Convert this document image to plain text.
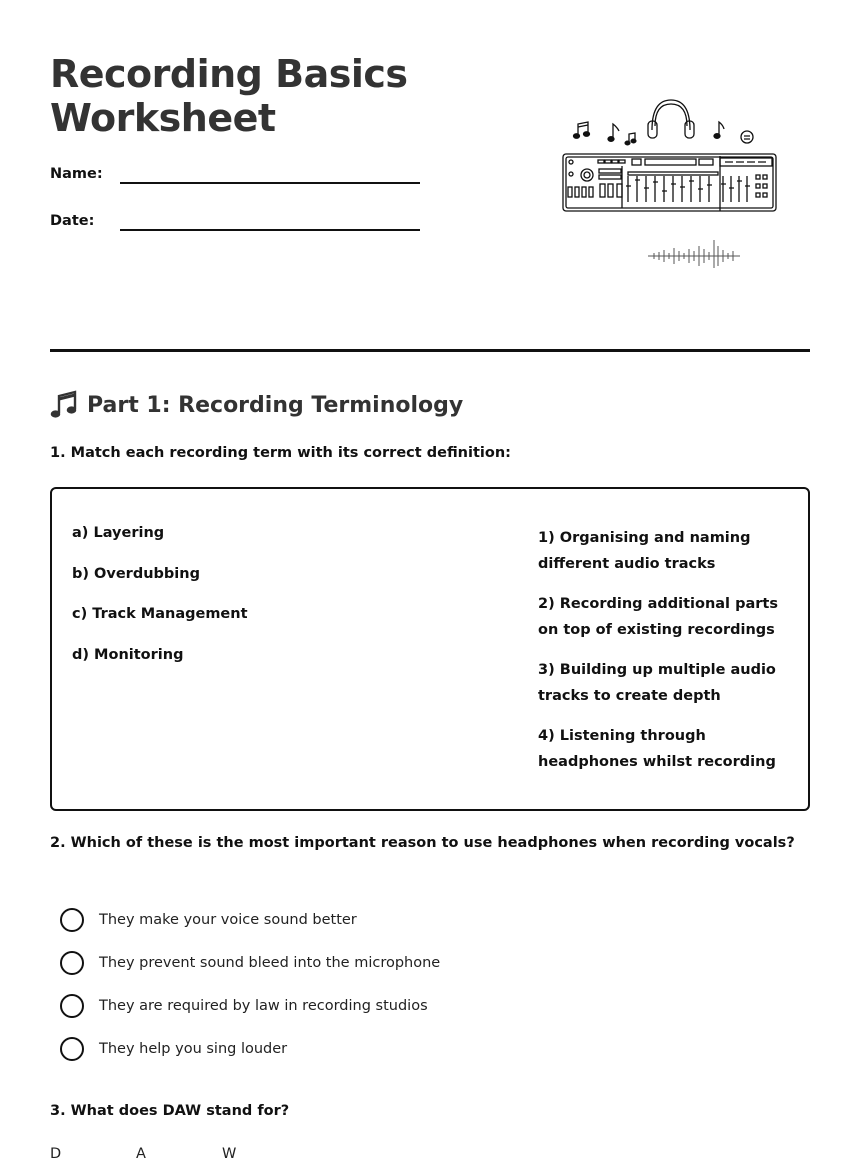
Recording Basics Worksheet
Name:
Date:
Part 1: Recording Terminology
1. Match each recording term with its correct definition:
a) Layering
b) Overdubbing
c) Track Management
d) Monitoring
1) Organising and naming different audio tracks
2) Recording additional parts on top of existing recordings
3) Building up multiple audio tracks to create depth
4) Listening through headphones whilst recording
2. Which of these is the most important reason to use headphones when recording vocals?
They make your voice sound better
They prevent sound bleed into the microphone
They are required by law in recording studios
They help you sing louder
3. What does DAW stand for?
D	A	W
